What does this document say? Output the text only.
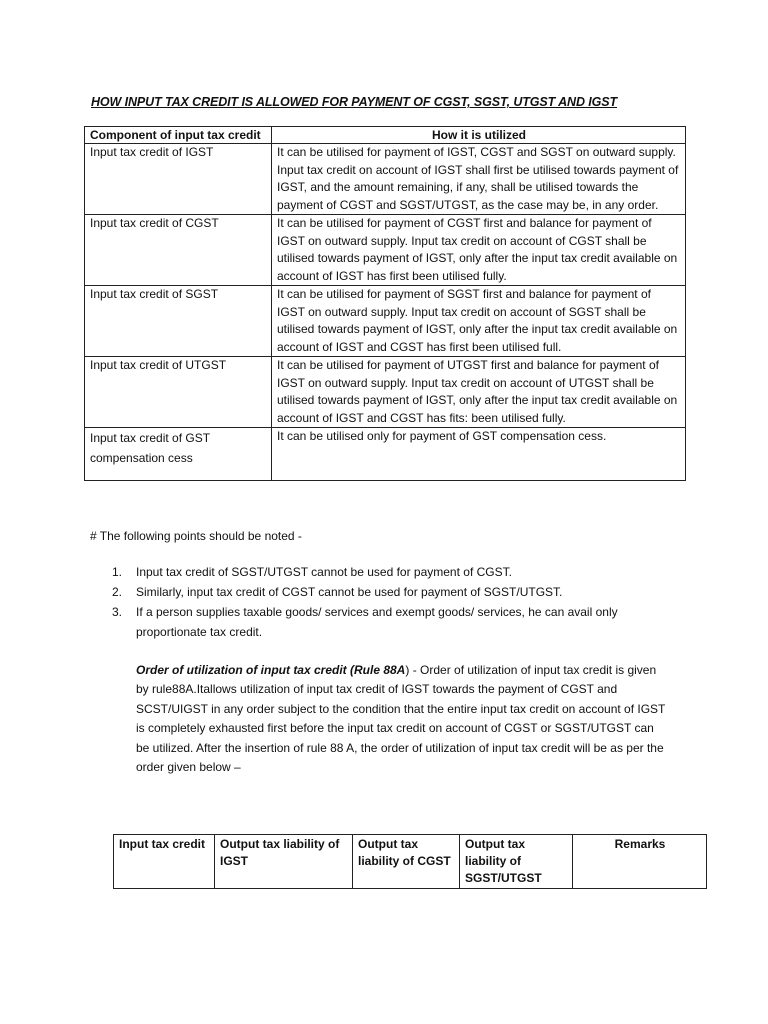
HOW INPUT TAX CREDIT IS ALLOWED FOR PAYMENT OF CGST, SGST, UTGST AND IGST
Component of input tax credit	How it is utilized
Input tax credit of IGST	It can be utilised for payment of IGST, CGST and SGST on outward supply. Input tax credit on account of IGST shall first be utilised towards payment of IGST, and the amount remaining, if any, shall be utilised towards the payment of CGST and SGST/UTGST, as the case may be, in any order.
Input tax credit of CGST	It can be utilised for payment of CGST first and balance for payment of IGST on outward supply. Input tax credit on account of CGST shall be utilised towards payment of IGST, only after the input tax credit available on account of IGST has first been utilised fully.
Input tax credit of SGST	It can be utilised for payment of SGST first and balance for payment of IGST on outward supply. Input tax credit on account of SGST shall be utilised towards payment of IGST, only after the input tax credit available on account of IGST and CGST has first been utilised full.
Input tax credit of UTGST	It can be utilised for payment of UTGST first and balance for payment of IGST on outward supply. Input tax credit on account of UTGST shall be utilised towards payment of IGST, only after the input tax credit available on account of IGST and CGST has fits: been utilised fully.
Input tax credit of GST compensation cess	It can be utilised only for payment of GST compensation cess.
# The following points should be noted -
1. Input tax credit of SGST/UTGST cannot be used for payment of CGST.
2. Similarly, input tax credit of CGST cannot be used for payment of SGST/UTGST.
3. If a person supplies taxable goods/ services and exempt goods/ services, he can avail only proportionate tax credit.
Order of utilization of input tax credit (Rule 88A) - Order of utilization of input tax credit is given by rule88A.Itallows utilization of input tax credit of IGST towards the payment of CGST and SCST/UIGST in any order subject to the condition that the entire input tax credit on account of IGST is completely exhausted first before the input tax credit on account of CGST or SGST/UTGST can be utilized. After the insertion of rule 88 A, the order of utilization of input tax credit will be as per the order given below –
Input tax credit	Output tax liability of IGST	Output tax liability of CGST	Output tax liability of SGST/UTGST	Remarks
